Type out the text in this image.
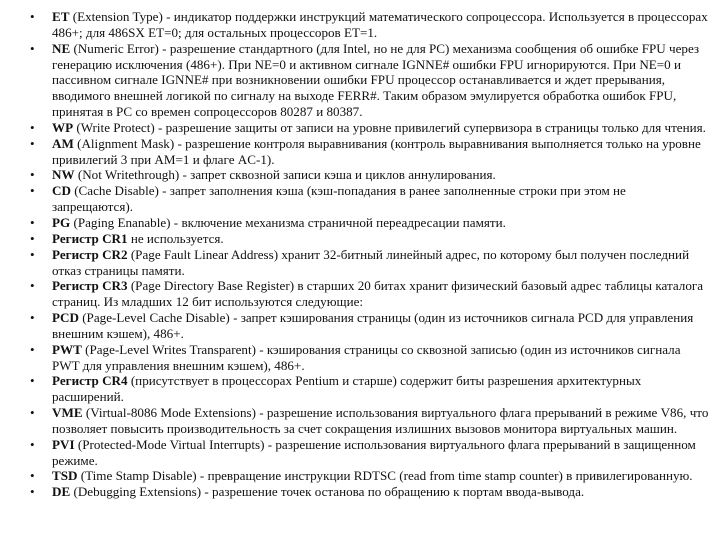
• ET (Extension Type) - индикатор поддержки инструкций математического сопроцессора. Используется в процессорах 486+; для 486SX ET=0; для остальных процессоров ET=1.
• NE (Numeric Error) - разрешение стандартного (для Intel, но не для PC) механизма сообщения об ошибке FPU через генерацию исключения (486+). При NE=0 и активном сигнале IGNNE# ошибки FPU игнорируются. При NE=0 и пассивном сигнале IGNNE# при возникновении ошибки FPU процессор останавливается и ждет прерывания, вводимого внешней логикой по сигналу на выходе FERR#. Таким образом эмулируется обработка ошибок FPU, принятая в PC со времен сопроцессоров 80287 и 80387.
• WP (Write Protect) - разрешение защиты от записи на уровне привилегий супервизора в страницы только для чтения.
• AM (Alignment Mask) - разрешение контроля выравнивания (контроль выравнивания выполняется только на уровне привилегий 3 при AM=1 и флаге AC-1).
• NW (Not Writethrough) - запрет сквозной записи кэша и циклов аннулирования.
• CD (Cache Disable) - запрет заполнения кэша (кэш-попадания в ранее заполненные строки при этом не запрещаются).
• PG (Paging Enanable) - включение механизма страничной переадресации памяти.
• Регистр CR1 не используется.
• Регистр CR2 (Page Fault Linear Address) хранит 32-битный линейный адрес, по которому был получен последний отказ страницы памяти.
• Регистр CR3 (Page Directory Base Register) в старших 20 битах хранит физический базовый адрес таблицы каталога страниц. Из младших 12 бит используются следующие:
• PCD (Page-Level Cache Disable) - запрет кэширования страницы (один из источников сигнала PCD для управления внешним кэшем), 486+.
• PWT (Page-Level Writes Transparent) - кэширования страницы со сквозной записью (один из источников сигнала PWT для управления внешним кэшем), 486+.
• Регистр CR4 (присутствует в процессорах Pentium и старше) содержит биты разрешения архитектурных расширений.
• VME (Virtual-8086 Mode Extensions) - разрешение использования виртуального флага прерываний в режиме V86, что позволяет повысить производительность за счет сокращения излишних вызовов монитора виртуальных машин.
• PVI (Protected-Mode Virtual Interrupts) - разрешение использования виртуального флага прерываний в защищенном режиме.
• TSD (Time Stamp Disable) - превращение инструкции RDTSC (read from time stamp counter) в привилегированную.
• DE (Debugging Extensions) - разрешение точек останова по обращению к портам ввода-вывода.
